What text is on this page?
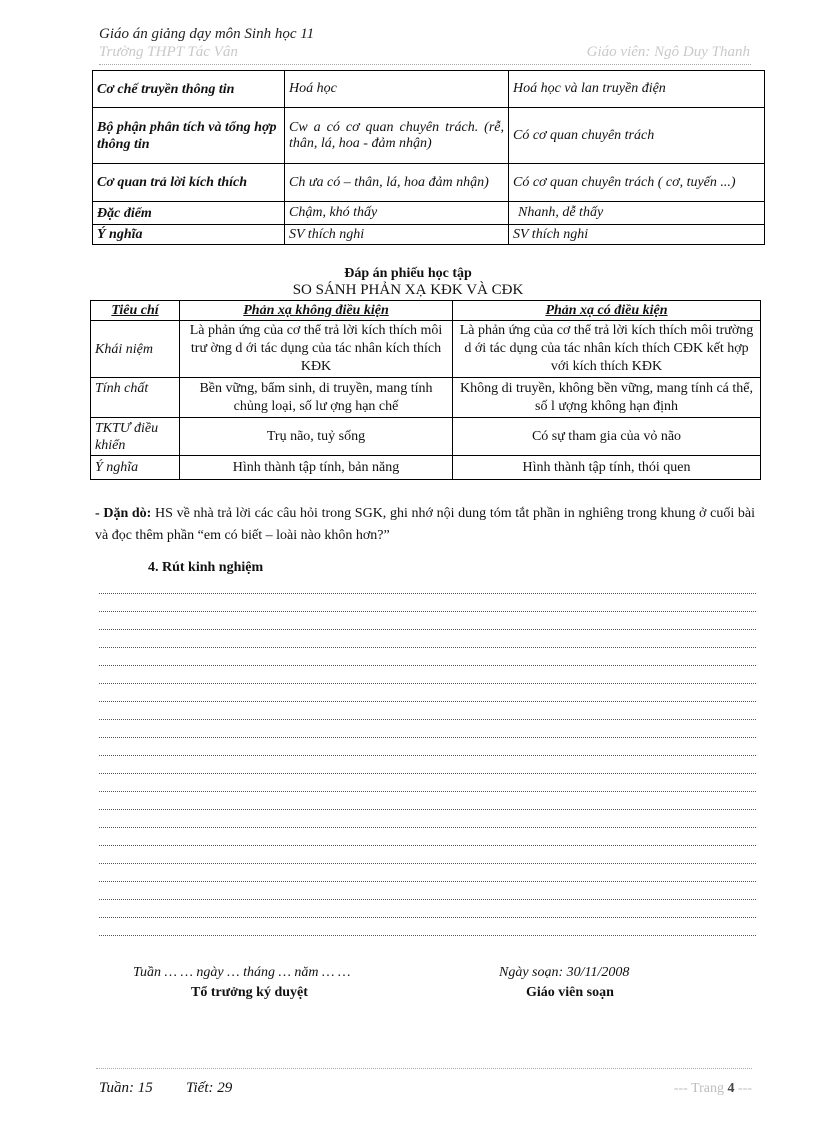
Giáo án giảng dạy môn Sinh học 11
Trường THPT Tác Vân	Giáo viên: Ngô Duy Thanh
Cơ chế truyền thông tin	Hoá học	Hoá học và lan truyền điện
Bộ phận phân tích và tổng hợp thông tin	Cw a có cơ quan chuyên trách. (rễ, thân, lá, hoa - đảm nhận)	Có cơ quan chuyên trách
Cơ quan trả lời kích thích	Ch ưa có – thân, lá, hoa đảm nhận)	Có cơ quan chuyên trách ( cơ, tuyến ...)
Đặc điểm	Chậm, khó thấy	Nhanh, dễ thấy
Ý nghĩa	SV thích nghi	SV thích nghi
Đáp án phiếu học tập
SO SÁNH PHẢN XẠ KĐK VÀ CĐK
Tiêu chí	Phản xạ không điều kiện	Phản xạ có điều kiện
Khái niệm	Là phản ứng của cơ thể trả lời kích thích môi trư ờng d ới tác dụng của tác nhân kích thích KĐK	Là phản ứng của cơ thể trả lời kích thích môi trường d ới tác dụng của tác nhân kích thích CĐK kết hợp với kích thích KĐK
Tính chất	Bền vững, bẩm sinh, di truyền, mang tính chủng loại, số lư ợng hạn chế	Không di truyền, không bền vững, mang tính cá thể, số l ượng không hạn định
TKTƯ điều khiển	Trụ não, tuỷ sống	Có sự tham gia của vỏ não
Ý nghĩa	Hình thành tập tính, bản năng	Hình thành tập tính, thói quen
- Dặn dò: HS về nhà trả lời các câu hỏi trong SGK, ghi nhớ nội dung tóm tắt phần in nghiêng trong khung ở cuối bài và đọc thêm phần “em có biết – loài nào khôn hơn?”
4. Rút kinh nghiệm
Tuần … … ngày … tháng … năm … …
Tổ trưởng ký duyệt
Ngày soạn: 30/11/2008
Giáo viên soạn
Tuần: 15 Tiết: 29	--- Trang 4 ---
